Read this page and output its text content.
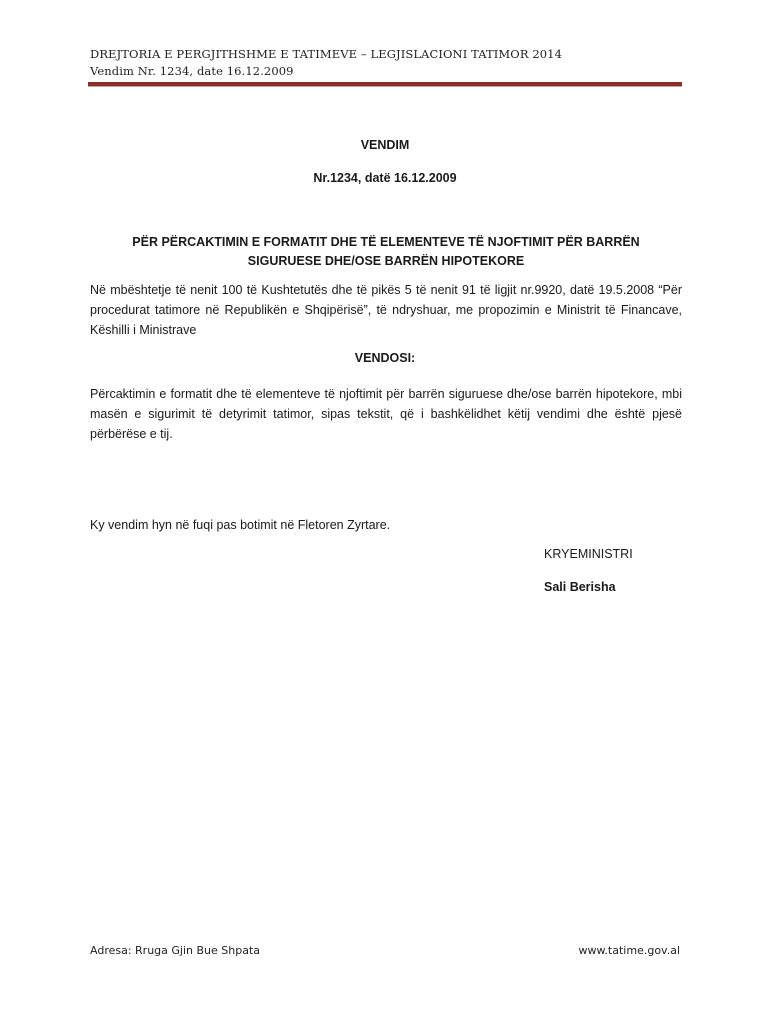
DREJTORIA E PERGJITHSHME E TATIMEVE – LEGJISLACIONI TATIMOR 2014
Vendim Nr. 1234, date 16.12.2009
VENDIM
Nr.1234, datë 16.12.2009
PËR PËRCAKTIMIN E FORMATIT DHE TË ELEMENTEVE TË NJOFTIMIT PËR BARRËN
SIGURUESE DHE/OSE BARRËN HIPOTEKORE
Në mbështetje të nenit 100 të Kushtetutës dhe të pikës 5 të nenit 91 të ligjit nr.9920, datë 19.5.2008 “Për procedurat tatimore në Republikën e Shqipërisë”, të ndryshuar, me propozimin e Ministrit të Financave, Këshilli i Ministrave
VENDOSI:
Përcaktimin e formatit dhe të elementeve të njoftimit për barrën siguruese dhe/ose barrën hipotekore, mbi masën e sigurimit të detyrimit tatimor, sipas tekstit, që i bashkëlidhet këtij vendimi dhe është pjesë përbërëse e tij.
Ky vendim hyn në fuqi pas botimit në Fletoren Zyrtare.
KRYEMINISTRI
Sali Berisha
Adresa: Rruga Gjin Bue Shpata	www.tatime.gov.al
